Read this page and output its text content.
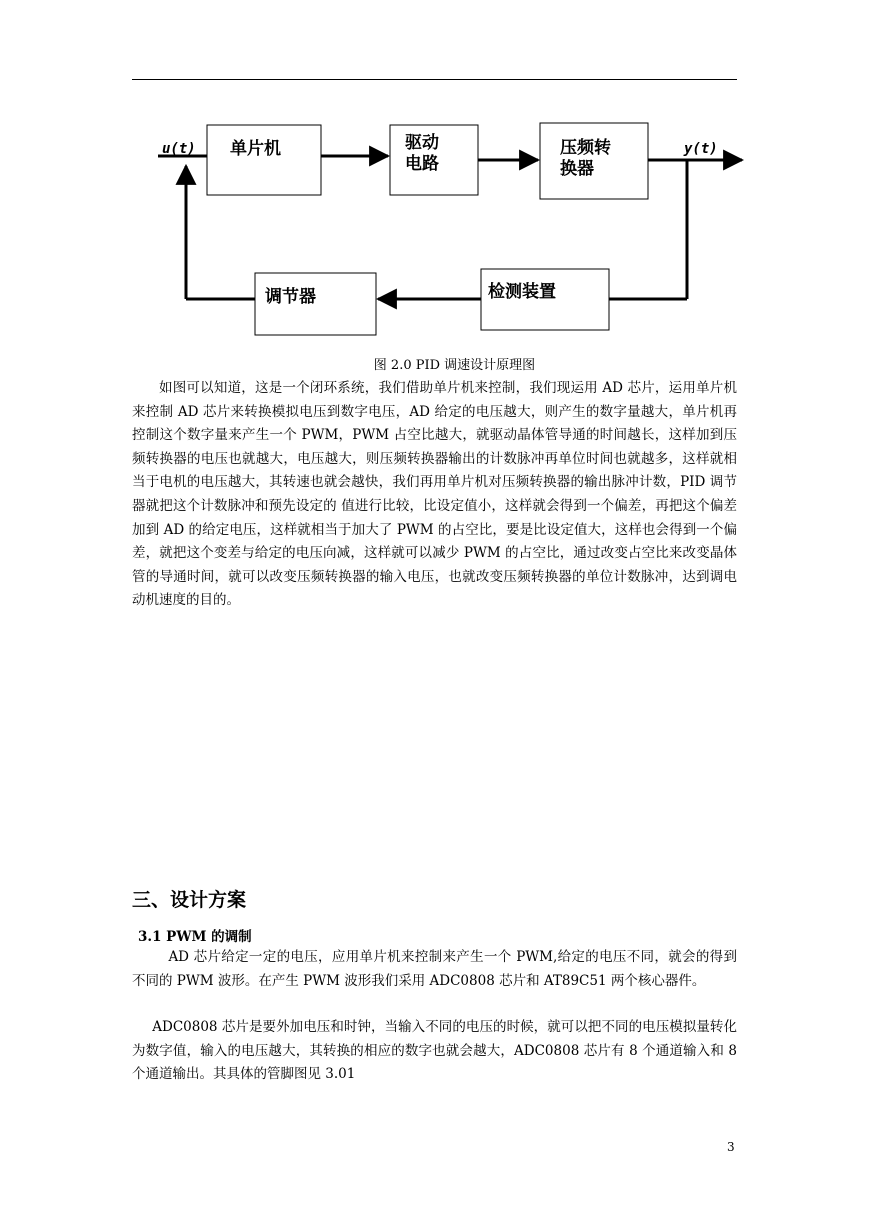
u(t) 单片机	驱动
电路
压频转
换器
y(t)
检测装置
调节器
图 2.0 PID 调速设计原理图

如图可以知道，这是一个闭环系统，我们借助单片机来控制，我们现运用 AD 芯片，运用单片机来控制 AD 芯片来转换模拟电压到数字电压，AD 给定的电压越大，则产生的数字量越大，单片机再控制这个数字量来产生一个 PWM，PWM 占空比越大，就驱动晶体管导通的时间越长，这样加到压频转换器的电压也就越大，电压越大，则压频转换器输出的计数脉冲再单位时间也就越多，这样就相当于电机的电压越大，其转速也就会越快，我们再用单片机对压频转换器的输出脉冲计数，PID 调节器就把这个计数脉冲和预先设定的 值进行比较，比设定值小，这样就会得到一个偏差，再把这个偏差加到 AD 的给定电压，这样就相当于加大了 PWM 的占空比，要是比设定值大，这样也会得到一个偏差，就把这个变差与给定的电压向减，这样就可以减少 PWM 的占空比，通过改变占空比来改变晶体管的导通时间，就可以改变压频转换器的输入电压，也就改变压频转换器的单位计数脉冲，达到调电动机速度的目的。

三、设计方案
3.1 PWM 的调制

AD 芯片给定一定的电压，应用单片机来控制来产生一个 PWM,给定的电压不同，就会的得到不同的 PWM 波形。在产生 PWM 波形我们采用 ADC0808 芯片和 AT89C51 两个核心器件。

ADC0808 芯片是要外加电压和时钟，当输入不同的电压的时候，就可以把不同的电压模拟量转化为数字值，输入的电压越大，其转换的相应的数字也就会越大，ADC0808 芯片有 8 个通道输入和 8 个通道输出。其具体的管脚图见 3.01

3
